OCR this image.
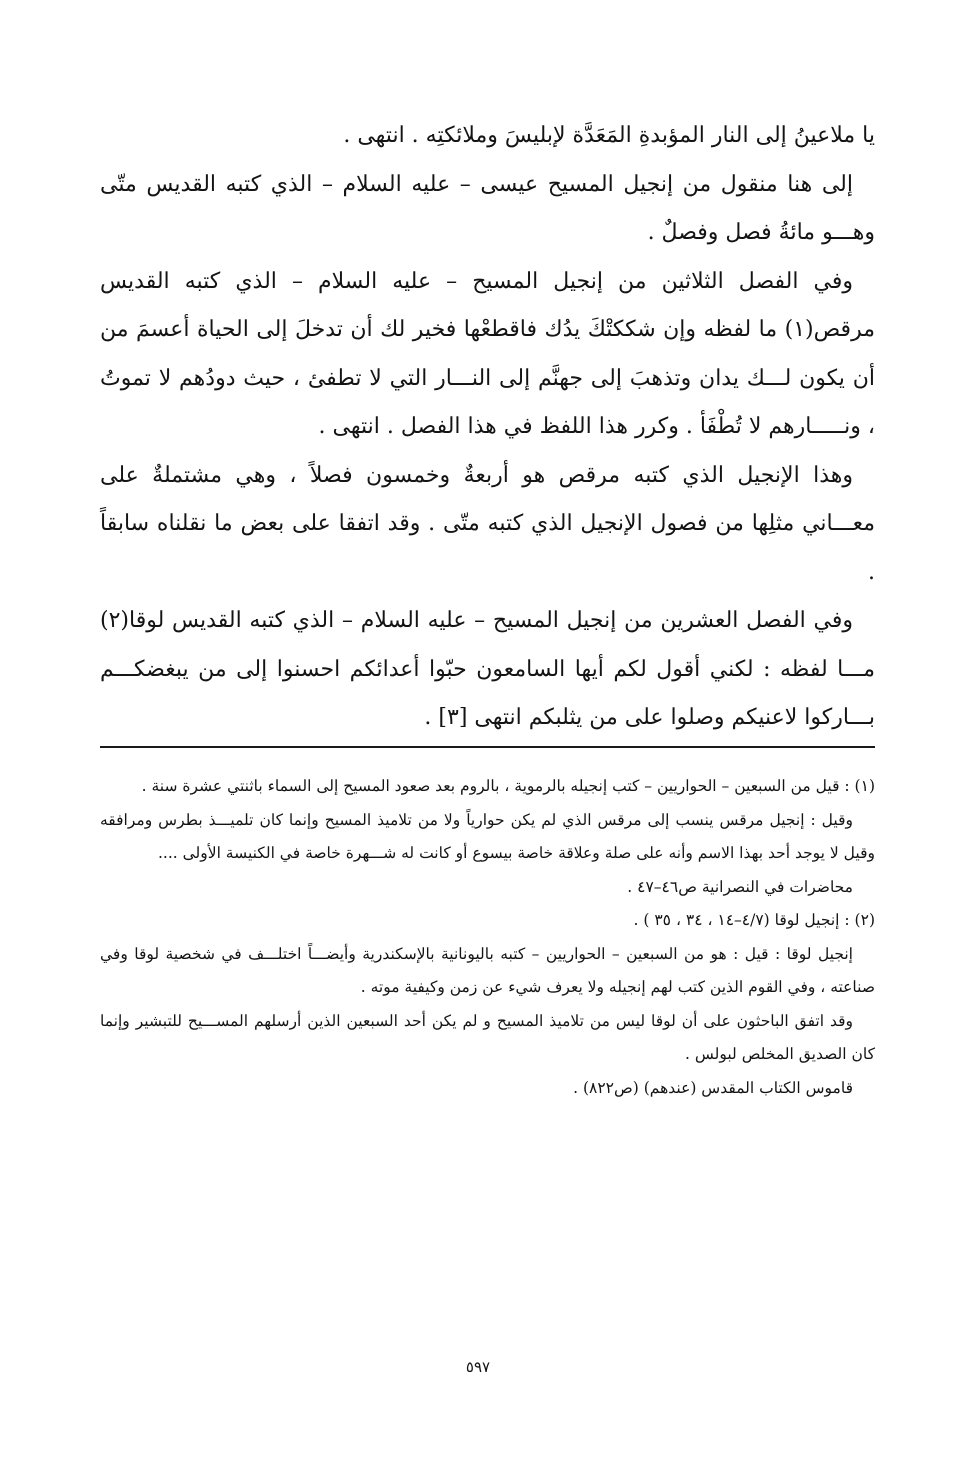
يا ملاعينُ إلى النار المؤبدةِ المَعَدَّة لإبليسَ وملائكتِه . انتهى .

إلى هنا منقول من إنجيل المسيح عيسى – عليه السلام – الذي كتبه القديس متّى وهـــو مائةُ فصل وفصلٌ .

وفي الفصل الثلاثين من إنجيل المسيح – عليه السلام – الذي كتبه القديس مرقص(١) ما لفظه وإن شككتْكَ يدُك فاقطعْها فخير لك أن تدخلَ إلى الحياة أعسمَ من أن يكون لـــك يدان وتذهبَ إلى جهنَّم إلى النـــار التي لا تطفئ ، حيث دودُهم لا تموتُ ، ونـــــارهم لا تُطْفَأ . وكرر هذا اللفظ في هذا الفصل . انتهى .

وهذا الإنجيل الذي كتبه مرقص هو أربعةٌ وخمسون فصلاً ، وهي مشتملةٌ على معـــاني مثلِها من فصول الإنجيل الذي كتبه متّى . وقد اتفقا على بعض ما نقلناه سابقاً .

وفي الفصل العشرين من إنجيل المسيح – عليه السلام – الذي كتبه القديس لوقا(٢) مـــا لفظه : لكني أقول لكم أيها السامعون حبّوا أعدائكم احسنوا إلى من يبغضكـــم بـــاركوا لاعنيكم وصلوا على من يثلبكم انتهى [٣] .

(١) : قيل من السبعين – الحواريين – كتب إنجيله بالرموية ، بالروم بعد صعود المسيح إلى السماء باثنتي عشرة سنة .

وقيل : إنجيل مرقس ينسب إلى مرقس الذي لم يكن حوارياً ولا من تلاميذ المسيح وإنما كان تلميـــذ بطرس ومرافقه وقيل لا يوجد أحد بهذا الاسم وأنه على صلة وعلاقة خاصة بيسوع أو كانت له شـــهرة خاصة في الكنيسة الأولى ....

محاضرات في النصرانية ص٤٦–٤٧ .

(٢) : إنجيل لوقا (٤/٧–١٤ ، ٣٤ ، ٣٥ ) .

إنجيل لوقا : قيل : هو من السبعين – الحواريين – كتبه باليونانية بالإسكندرية وأيضـــاً اختلـــف في شخصية لوقا وفي صناعته ، وفي القوم الذين كتب لهم إنجيله ولا يعرف شيء عن زمن وكيفية موته .

وقد اتفق الباحثون على أن لوقا ليس من تلاميذ المسيح و لم يكن أحد السبعين الذين أرسلهم المســـيح للتبشير وإنما كان الصديق المخلص لبولس .

قاموس الكتاب المقدس (عندهم) (ص٨٢٢) .

٥٩٧
